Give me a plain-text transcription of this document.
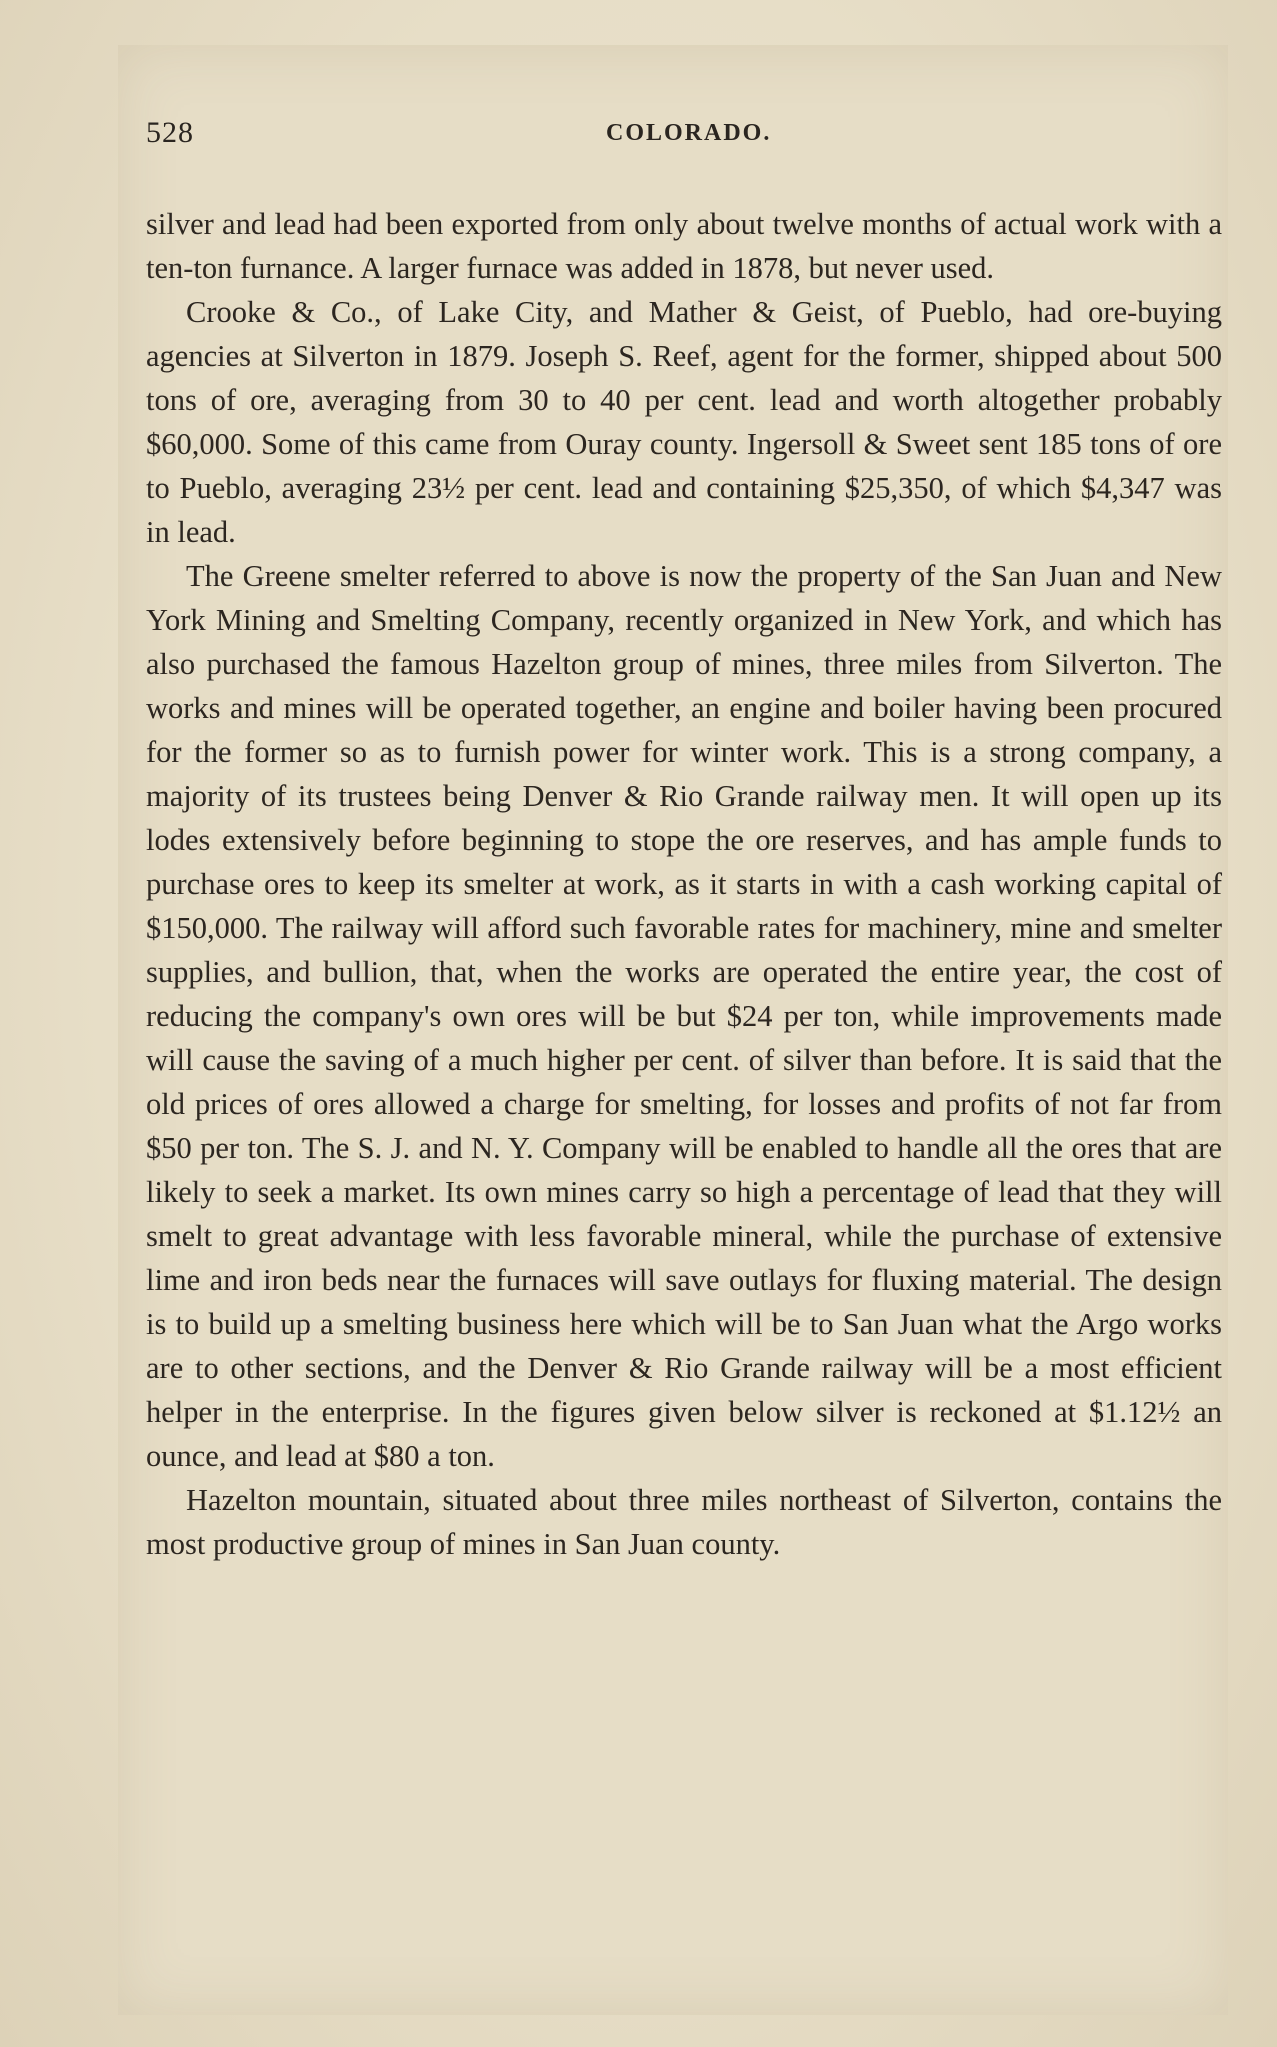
528	COLORADO.

silver and lead had been exported from only about twelve months of actual work with a ten-ton furnance. A larger furnace was added in 1878, but never used.

Crooke & Co., of Lake City, and Mather & Geist, of Pueblo, had ore-buying agencies at Silverton in 1879. Joseph S. Reef, agent for the former, shipped about 500 tons of ore, averaging from 30 to 40 per cent. lead and worth altogether probably $60,000. Some of this came from Ouray county. Ingersoll & Sweet sent 185 tons of ore to Pueblo, averaging 23½ per cent. lead and containing $25,350, of which $4,347 was in lead.

The Greene smelter referred to above is now the property of the San Juan and New York Mining and Smelting Company, recently organized in New York, and which has also purchased the famous Hazelton group of mines, three miles from Silverton. The works and mines will be operated together, an engine and boiler having been procured for the former so as to furnish power for winter work. This is a strong company, a majority of its trustees being Denver & Rio Grande railway men. It will open up its lodes extensively before beginning to stope the ore reserves, and has ample funds to purchase ores to keep its smelter at work, as it starts in with a cash working capital of $150,000. The railway will afford such favorable rates for machinery, mine and smelter supplies, and bullion, that, when the works are operated the entire year, the cost of reducing the company's own ores will be but $24 per ton, while improvements made will cause the saving of a much higher per cent. of silver than before. It is said that the old prices of ores allowed a charge for smelting, for losses and profits of not far from $50 per ton. The S. J. and N. Y. Company will be enabled to handle all the ores that are likely to seek a market. Its own mines carry so high a percentage of lead that they will smelt to great advantage with less favorable mineral, while the purchase of extensive lime and iron beds near the furnaces will save outlays for fluxing material. The design is to build up a smelting business here which will be to San Juan what the Argo works are to other sections, and the Denver & Rio Grande railway will be a most efficient helper in the enterprise. In the figures given below silver is reckoned at $1.12½ an ounce, and lead at $80 a ton.

Hazelton mountain, situated about three miles northeast of Silverton, contains the most productive group of mines in San Juan county.
